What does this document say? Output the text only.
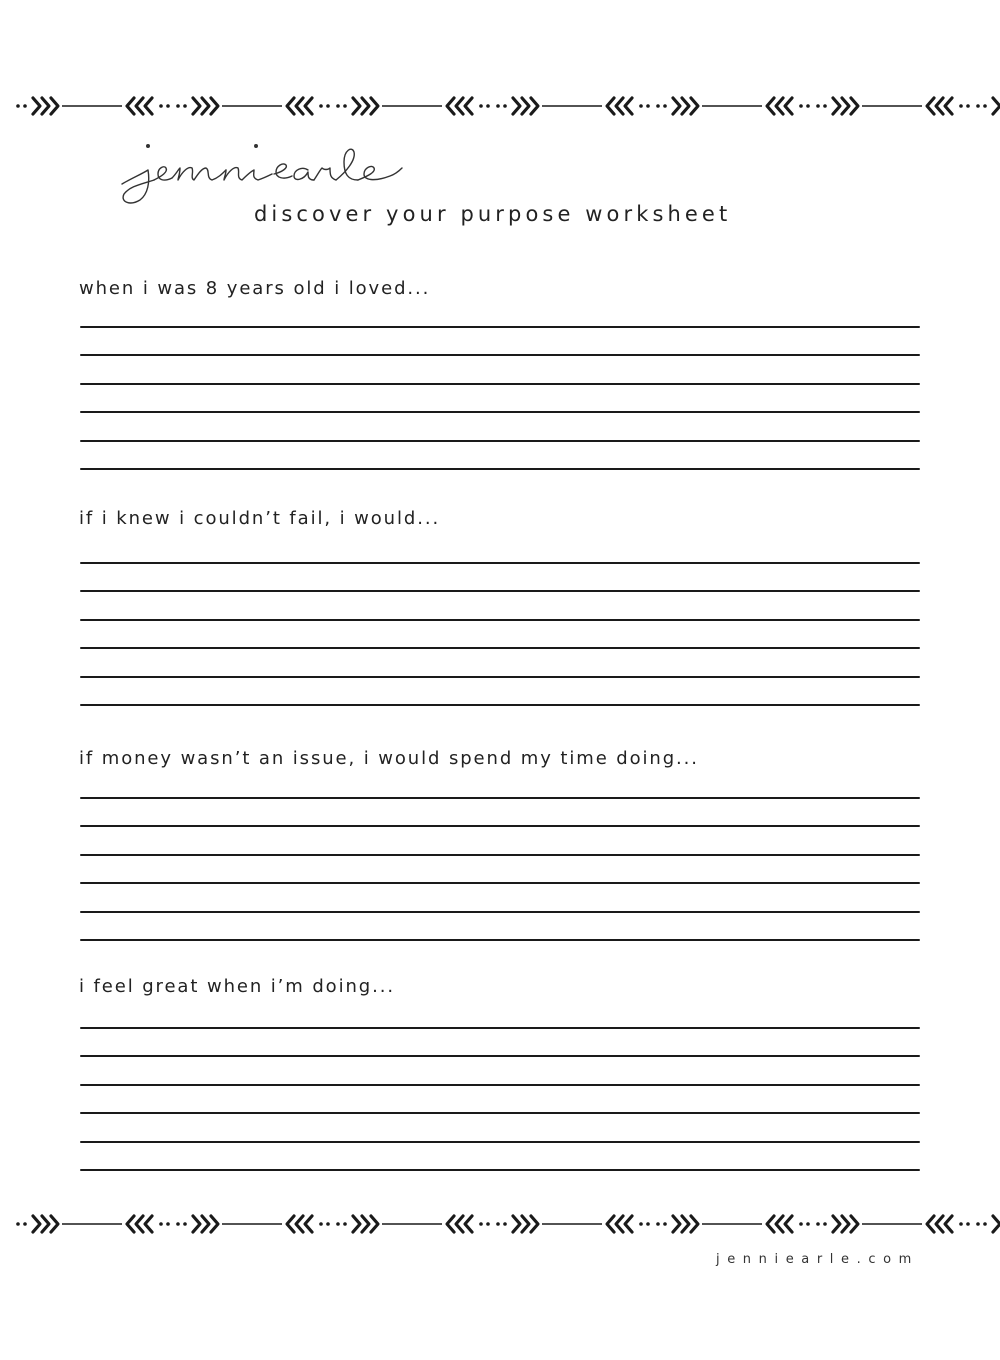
discover your purpose worksheet
when i was 8 years old i loved...
if i knew i couldn’t fail, i would...
if money wasn’t an issue, i would spend my time doing...
i feel great when i’m doing...
jenniearle.com
